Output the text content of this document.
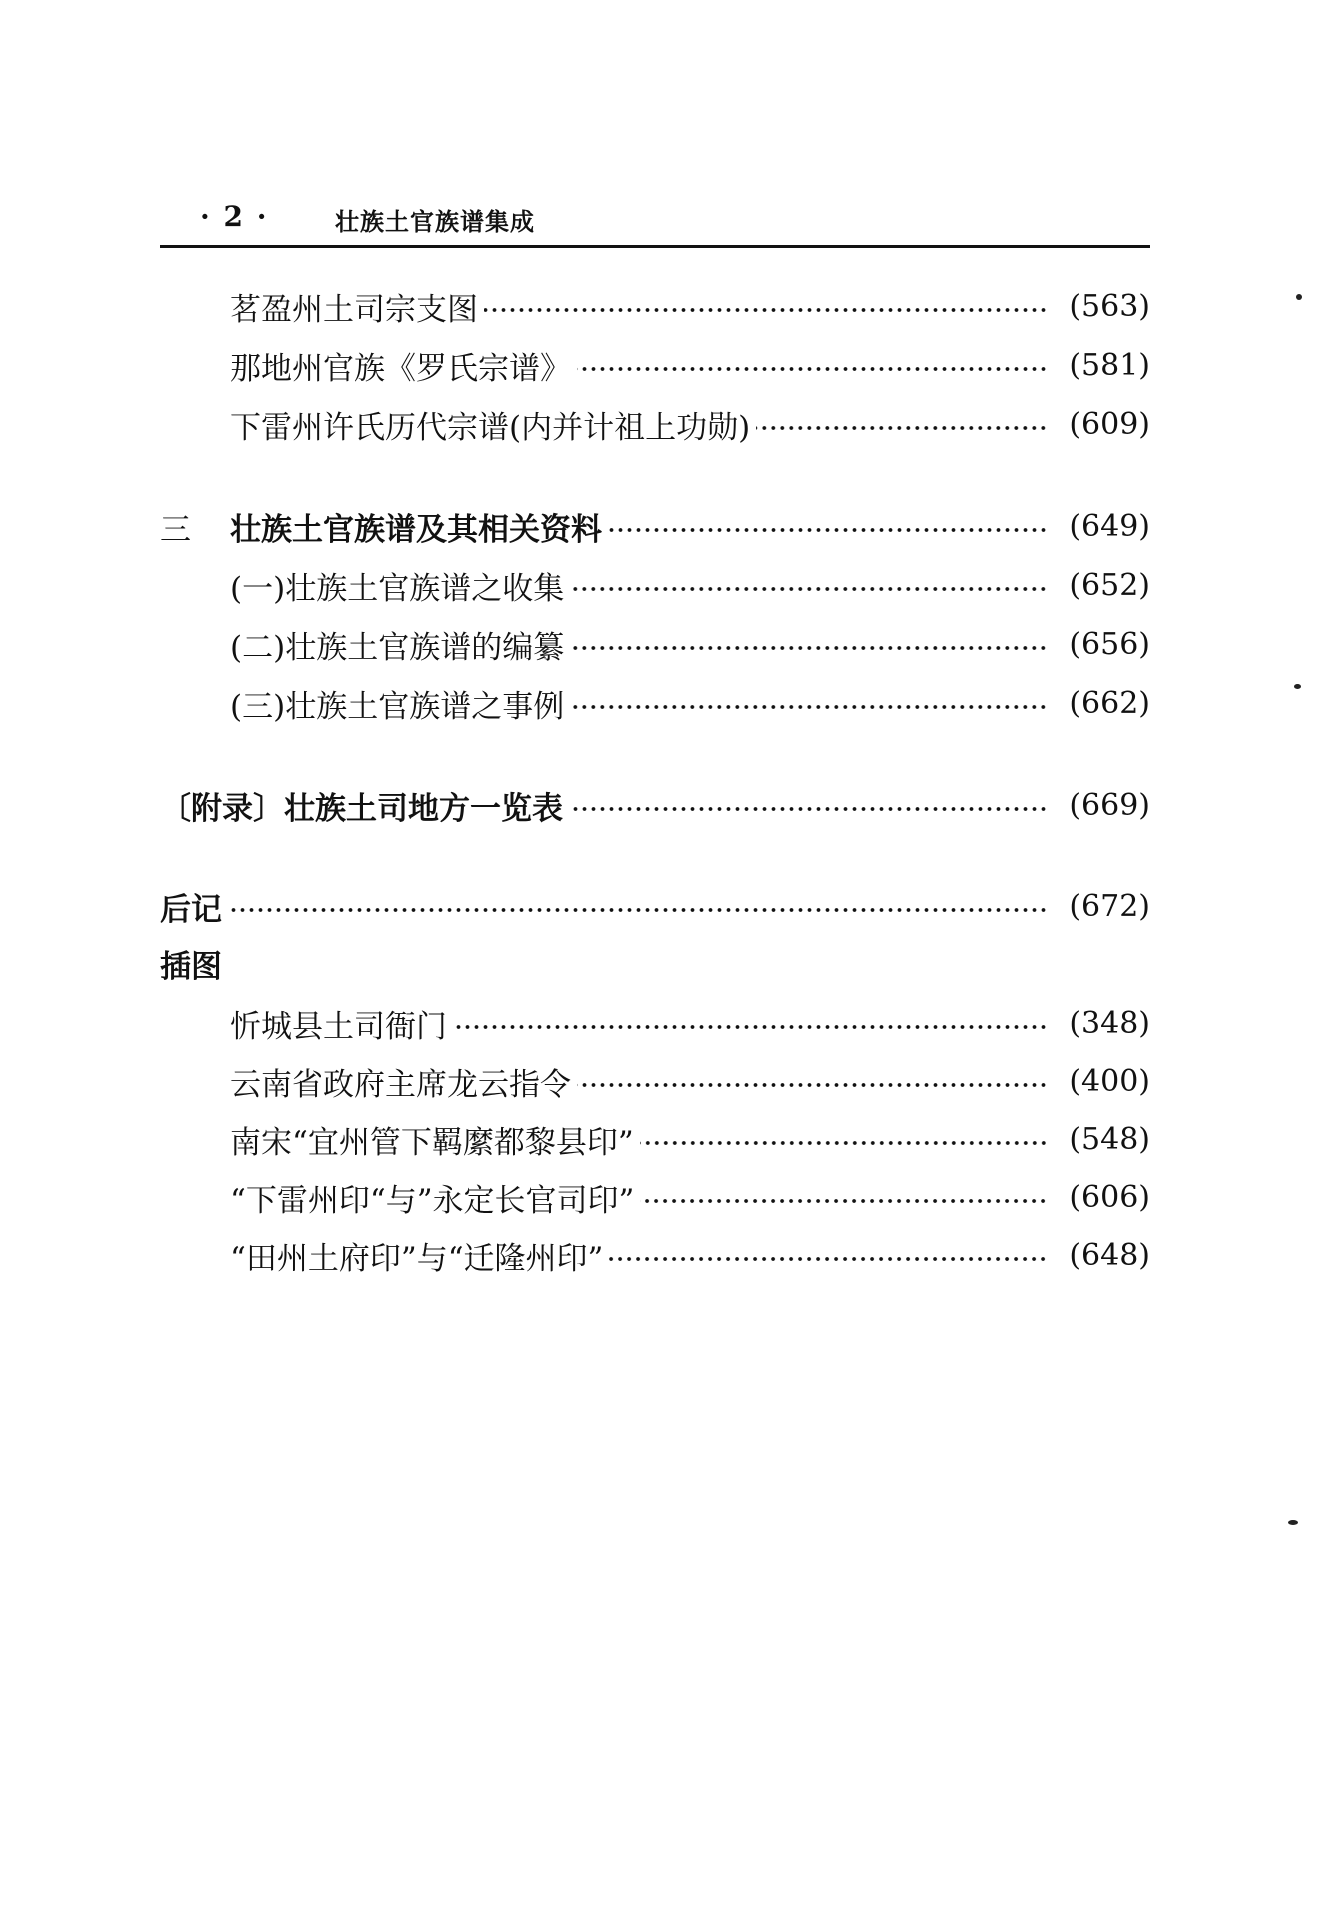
· 2 ·	壮族土官族谱集成
茗盈州土司宗支图	(563)
那地州官族《罗氏宗谱》	(581)
下雷州许氏历代宗谱(内并计祖上功勋)	(609)
三	壮族土官族谱及其相关资料	(649)
(一)壮族土官族谱之收集	(652)
(二)壮族土官族谱的编纂	(656)
(三)壮族土官族谱之事例	(662)
〔附录〕壮族土司地方一览表	(669)
后记	(672)
插图
忻城县土司衙门	(348)
云南省政府主席龙云指令	(400)
南宋“宜州管下羁縻都黎县印”	(548)
“下雷州印“与”永定长官司印”	(606)
“田州土府印”与“迁隆州印”	(648)
